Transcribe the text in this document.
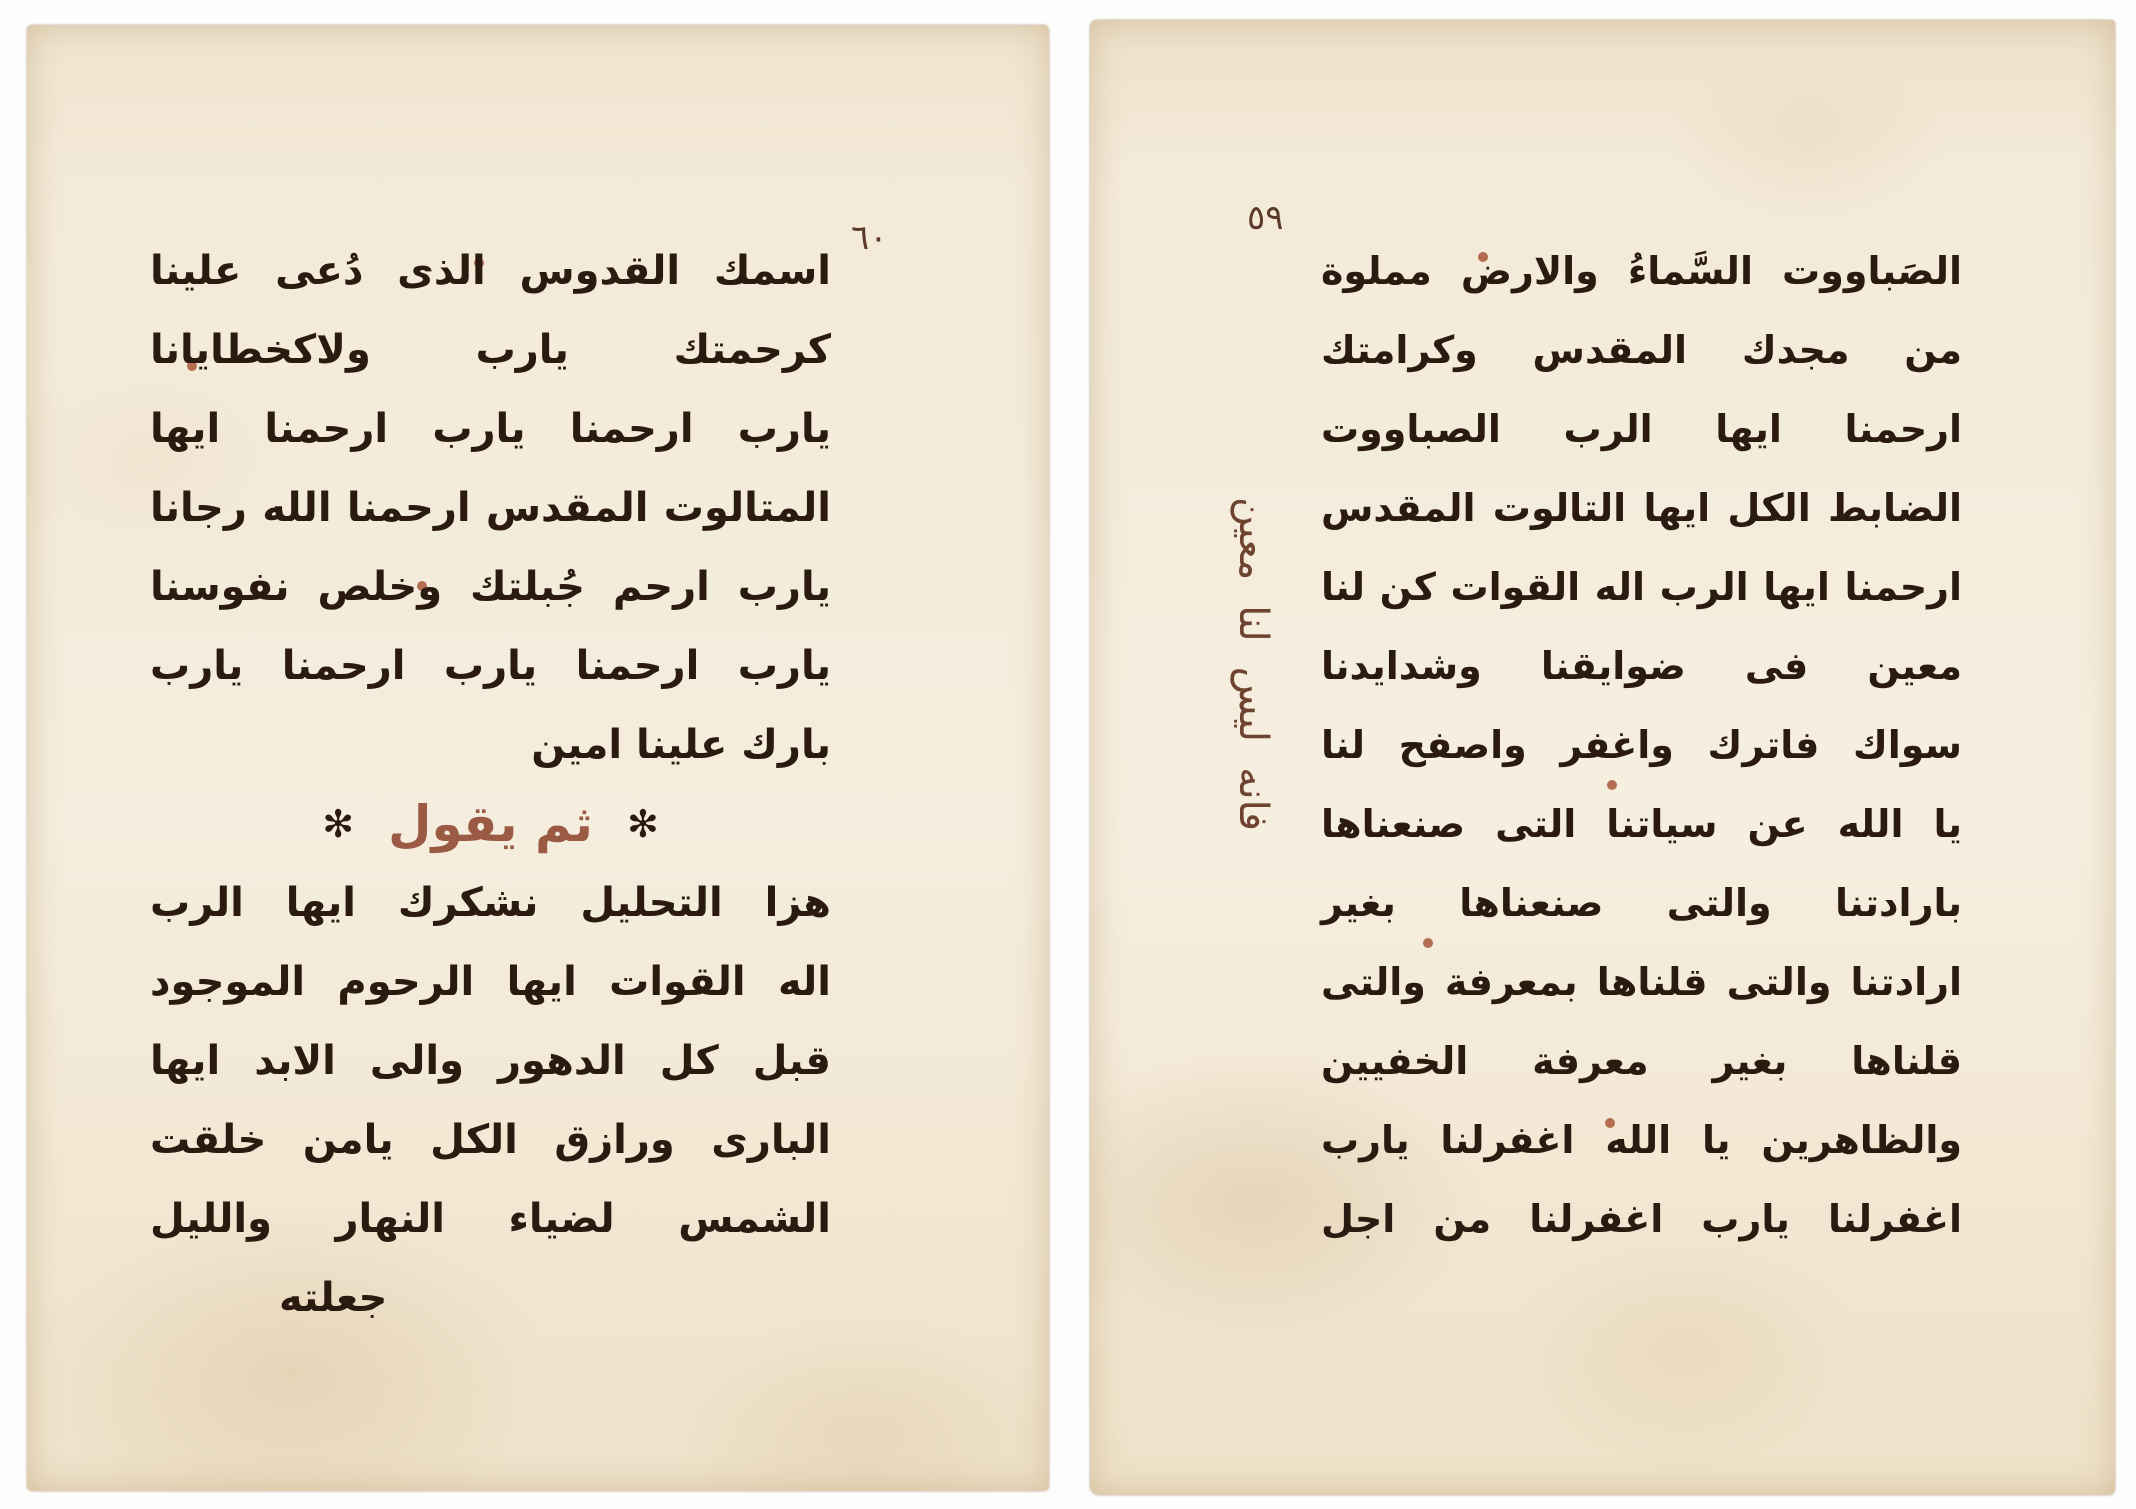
٦٠
اسمك القدوس الذى دُعى علينا
كرحمتك يارب ولاكخطايانا
يارب ارحمنا يارب ارحمنا ايها
المتالوت المقدس ارحمنا الله رجانا
يارب ارحم جُبلتك وخلص نفوسنا
يارب ارحمنا يارب ارحمنا يارب
بارك علينا امين
✻
ثم يقول
✻
هزا التحليل نشكرك ايها الرب
اله القوات ايها الرحوم الموجود
قبل كل الدهور والى الابد ايها
البارى ورازق الكل يامن خلقت
الشمس لضياء النهار والليل
جعلته
٥٩
فانه ليس لنا معين
الصَباووت السَّماءُ والارض مملوة
من مجدك المقدس وكرامتك
ارحمنا ايها الرب الصباووت
الضابط الكل ايها التالوت المقدس
ارحمنا ايها الرب اله القوات كن لنا
معين فى ضوايقنا وشدايدنا
سواك فاترك واغفر واصفح لنا
يا الله عن سياتنا التى صنعناها
بارادتنا والتى صنعناها بغير
ارادتنا والتى قلناها بمعرفة والتى
قلناها بغير معرفة الخفيين
والظاهرين يا الله اغفرلنا يارب
اغفرلنا يارب اغفرلنا من اجل
